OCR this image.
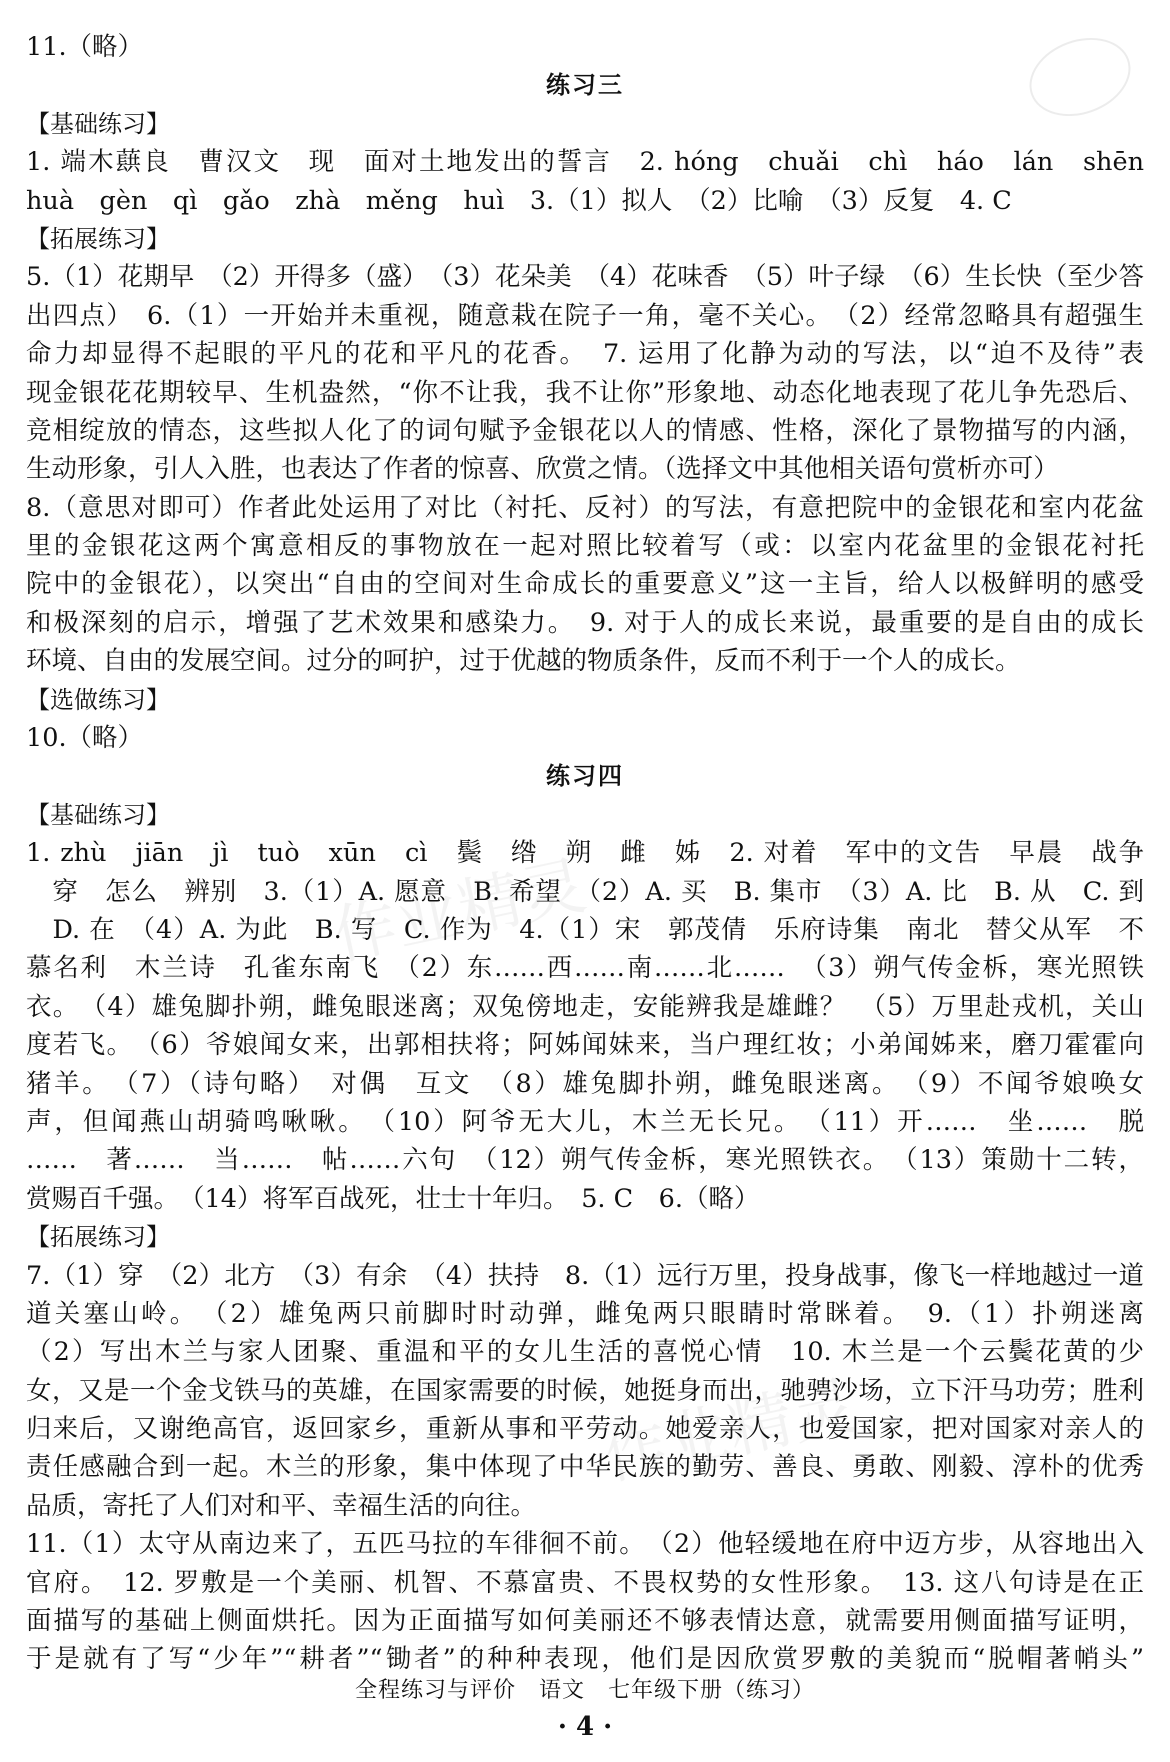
作业精灵
作业精灵
11.（略）
练习三
【基础练习】
1. 端木蕻良　曹汉文　现　面对土地发出的誓言　2. hóng　chuǎi　chì　háo　lán　shēn
huà　gèn　qì　gǎo　zhà　měng　huì　3.（1）拟人　（2）比喻　（3）反复　4. C
【拓展练习】
5.（1）花期早　（2）开得多（盛）　（3）花朵美　（4）花味香　（5）叶子绿　（6）生长快（至少答
出四点）　6.（1）一开始并未重视，随意栽在院子一角，毫不关心。　（2）经常忽略具有超强生
命力却显得不起眼的平凡的花和平凡的花香。　7. 运用了化静为动的写法，以“迫不及待”表
现金银花花期较早、生机盎然，“你不让我，我不让你”形象地、动态化地表现了花儿争先恐后、
竞相绽放的情态，这些拟人化了的词句赋予金银花以人的情感、性格，深化了景物描写的内涵，
生动形象，引人入胜，也表达了作者的惊喜、欣赏之情。（选择文中其他相关语句赏析亦可）
8.（意思对即可）作者此处运用了对比（衬托、反衬）的写法，有意把院中的金银花和室内花盆
里的金银花这两个寓意相反的事物放在一起对照比较着写（或：以室内花盆里的金银花衬托
院中的金银花），以突出“自由的空间对生命成长的重要意义”这一主旨，给人以极鲜明的感受
和极深刻的启示，增强了艺术效果和感染力。　9. 对于人的成长来说，最重要的是自由的成长
环境、自由的发展空间。过分的呵护，过于优越的物质条件，反而不利于一个人的成长。
【选做练习】
10.（略）
练习四
【基础练习】
1. zhù　jiān　jì　tuò　xūn　cì　鬓　绺　朔　雌　姊　2. 对着　军中的文告　早晨　战争
　穿　怎么　辨别　3.（1）A. 愿意　B. 希望　（2）A. 买　B. 集市　（3）A. 比　B. 从　C. 到
　D. 在　（4）A. 为此　B. 写　C. 作为　4.（1）宋　郭茂倩　乐府诗集　南北　替父从军　不
慕名利　木兰诗　孔雀东南飞　（2）东……西……南……北……　（3）朔气传金柝，寒光照铁
衣。　（4）雄兔脚扑朔，雌兔眼迷离；双兔傍地走，安能辨我是雄雌？　（5）万里赴戎机，关山
度若飞。　（6）爷娘闻女来，出郭相扶将；阿姊闻妹来，当户理红妆；小弟闻姊来，磨刀霍霍向
猪羊。　（7）（诗句略）　对偶　互文　（8）雄兔脚扑朔，雌兔眼迷离。　（9）不闻爷娘唤女
声，但闻燕山胡骑鸣啾啾。　（10）阿爷无大儿，木兰无长兄。　（11）开……　坐……　脱
……　著……　当……　帖……六句　（12）朔气传金柝，寒光照铁衣。　（13）策勋十二转，
赏赐百千强。　（14）将军百战死，壮士十年归。　5. C　6.（略）
【拓展练习】
7.（1）穿　（2）北方　（3）有余　（4）扶持　8.（1）远行万里，投身战事，像飞一样地越过一道
道关塞山岭。　（2）雄兔两只前脚时时动弹，雌兔两只眼睛时常眯着。　9.（1）扑朔迷离
（2）写出木兰与家人团聚、重温和平的女儿生活的喜悦心情　10. 木兰是一个云鬓花黄的少
女，又是一个金戈铁马的英雄，在国家需要的时候，她挺身而出，驰骋沙场，立下汗马功劳；胜利
归来后，又谢绝高官，返回家乡，重新从事和平劳动。她爱亲人，也爱国家，把对国家对亲人的
责任感融合到一起。木兰的形象，集中体现了中华民族的勤劳、善良、勇敢、刚毅、淳朴的优秀
品质，寄托了人们对和平、幸福生活的向往。
11.（1）太守从南边来了，五匹马拉的车徘徊不前。　（2）他轻缓地在府中迈方步，从容地出入
官府。　12. 罗敷是一个美丽、机智、不慕富贵、不畏权势的女性形象。　13. 这八句诗是在正
面描写的基础上侧面烘托。因为正面描写如何美丽还不够表情达意，就需要用侧面描写证明，
于是就有了写“少年”“耕者”“锄者”的种种表现，他们是因欣赏罗敷的美貌而“脱帽著帩头”
全程练习与评价　语文　七年级下册（练习）
· 4 ·
